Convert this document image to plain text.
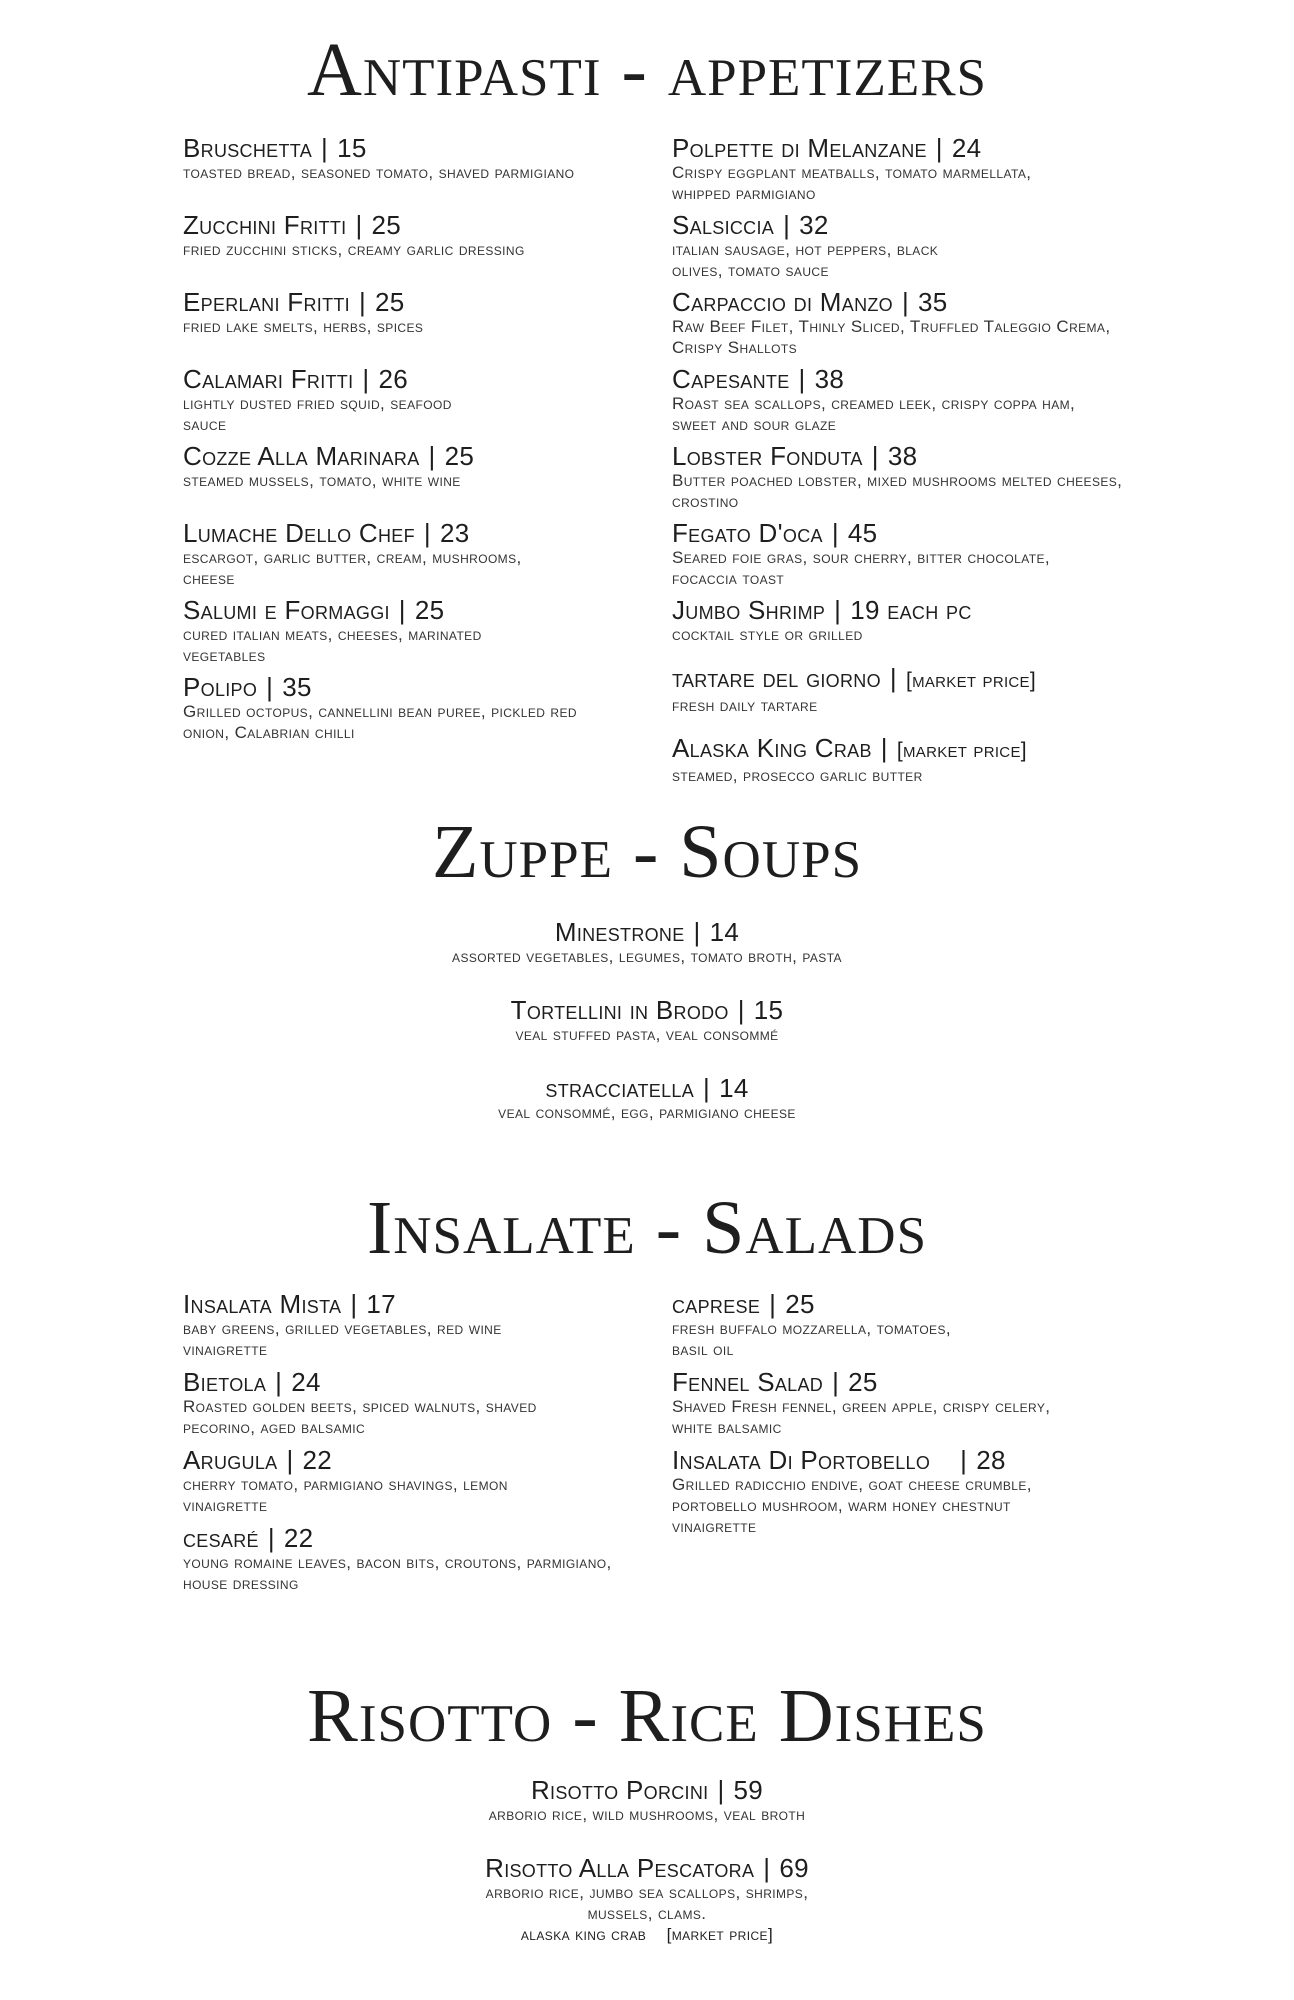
Antipasti - appetizers
Bruschetta | 15
toasted bread, seasoned tomato, shaved parmigiano
Zucchini Fritti | 25
fried zucchini sticks, creamy garlic dressing
Eperlani Fritti | 25
fried lake smelts, herbs, spices
Calamari Fritti | 26
lightly dusted fried squid, seafood sauce
Cozze Alla Marinara | 25
steamed mussels, tomato, white wine
Lumache Dello Chef | 23
escargot, garlic butter, cream, mushrooms, cheese
Salumi e Formaggi | 25
cured italian meats, cheeses, marinated vegetables
Polipo | 35
Grilled octopus, cannellini bean puree, pickled red onion, Calabrian chilli
Polpette di Melanzane | 24
Crispy eggplant meatballs, tomato marmellata, whipped parmigiano
Salsiccia | 32
italian sausage, hot peppers, black olives, tomato sauce
Carpaccio di Manzo | 35
Raw Beef Filet, Thinly Sliced, Truffled Taleggio Crema, Crispy Shallots
Capesante | 38
Roast sea scallops, creamed leek, crispy coppa ham, sweet and sour glaze
Lobster Fonduta | 38
Butter poached lobster, mixed mushrooms melted cheeses, crostino
Fegato D'oca | 45
Seared foie gras, sour cherry, bitter chocolate, focaccia toast
Jumbo Shrimp | 19 each pc
cocktail style or grilled
tartare del giorno | [market price]
fresh daily tartare
Alaska King Crab | [market price]
steamed, prosecco garlic butter
Zuppe - Soups
Minestrone | 14
assorted vegetables, legumes, tomato broth, pasta
Tortellini in Brodo | 15
veal stuffed pasta, veal consommé
stracciatella | 14
veal consommé, egg, parmigiano cheese
Insalate - Salads
Insalata Mista | 17
baby greens, grilled vegetables, red wine vinaigrette
Bietola | 24
Roasted golden beets, spiced walnuts, shaved pecorino, aged balsamic
Arugula | 22
cherry tomato, parmigiano shavings, lemon vinaigrette
cesaré | 22
young romaine leaves, bacon bits, croutons, parmigiano, house dressing
caprese | 25
fresh buffalo mozzarella, tomatoes, basil oil
Fennel Salad | 25
Shaved Fresh fennel, green apple, crispy celery, white balsamic
Insalata Di Portobello | 28
Grilled radicchio endive, goat cheese crumble, portobello mushroom, warm honey chestnut vinaigrette
Risotto - Rice Dishes
Risotto Porcini | 59
arborio rice, wild mushrooms, veal broth
Risotto Alla Pescatora | 69
arborio rice, jumbo sea scallops, shrimps, mussels, clams.
alaska king crab [market price]
